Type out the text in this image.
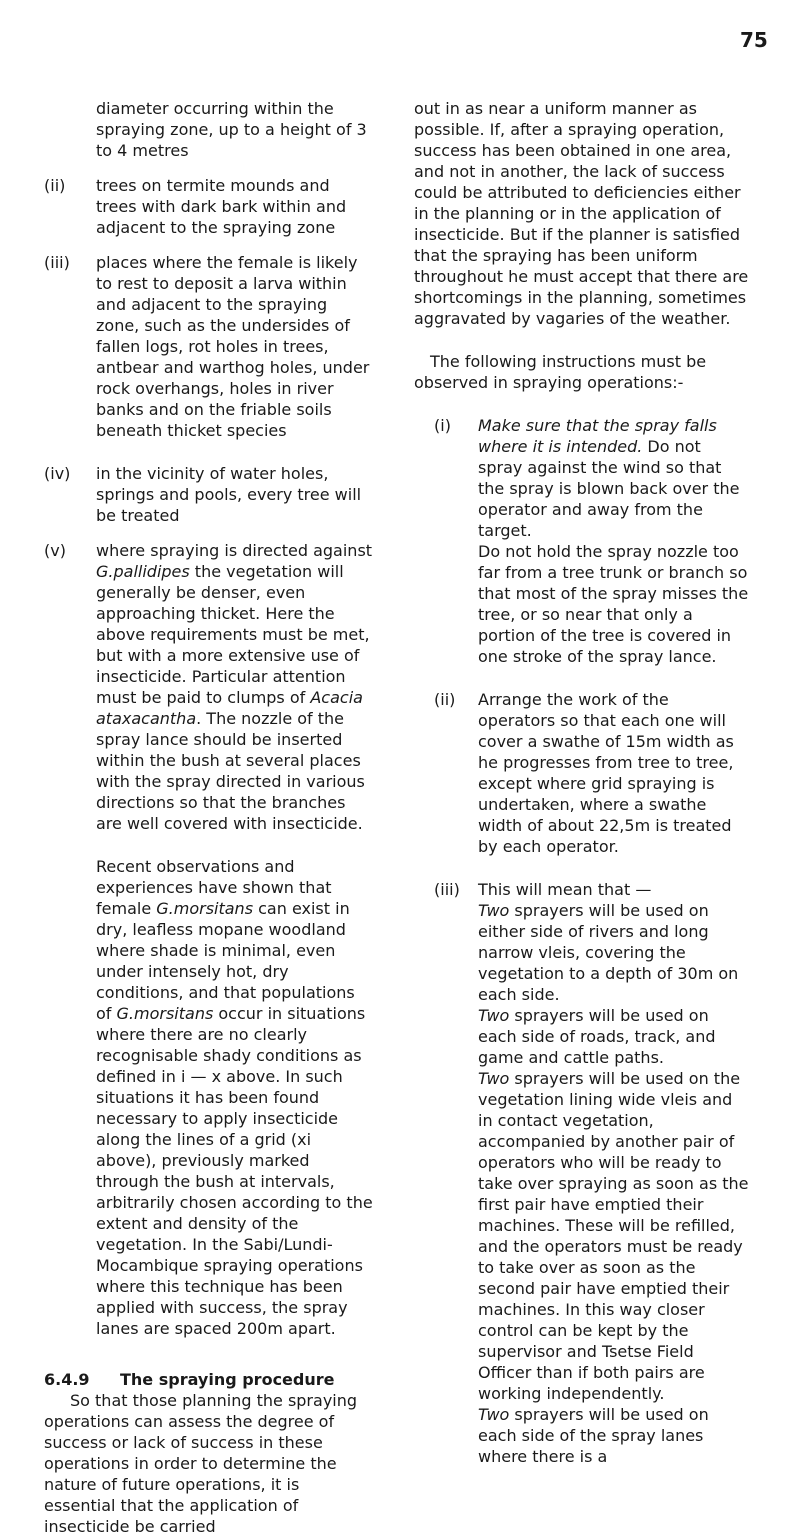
75
diameter occurring within the spraying zone, up to a height of 3 to 4 metres
(ii)	trees on termite mounds and trees with dark bark within and adjacent to the spraying zone
(iii)	places where the female is likely to rest to deposit a larva within and adjacent to the spraying zone, such as the undersides of fallen logs, rot holes in trees, antbear and warthog holes, under rock overhangs, holes in river banks and on the friable soils beneath thicket species
(iv)	in the vicinity of water holes, springs and pools, every tree will be treated
(v)	where spraying is directed against G.pallidipes the vegetation will generally be denser, even approaching thicket. Here the above requirements must be met, but with a more extensive use of insecticide. Particular attention must be paid to clumps of Acacia ataxacantha. The nozzle of the spray lance should be inserted within the bush at several places with the spray directed in various directions so that the branches are well covered with insecticide.
Recent observations and experiences have shown that female G.morsitans can exist in dry, leafless mopane woodland where shade is minimal, even under intensely hot, dry conditions, and that populations of G.morsitans occur in situations where there are no clearly recognisable shady conditions as defined in i — x above. In such situations it has been found necessary to apply insecticide along the lines of a grid (xi above), previously marked through the bush at intervals, arbitrarily chosen according to the extent and density of the vegetation. In the Sabi/Lundi-Mocambique spraying operations where this technique has been applied with success, the spray lanes are spaced 200m apart.
6.4.9	The spraying procedure
So that those planning the spraying operations can assess the degree of success or lack of success in these operations in order to determine the nature of future operations, it is essential that the application of insecticide be carried
out in as near a uniform manner as possible. If, after a spraying operation, success has been obtained in one area, and not in another, the lack of success could be attributed to deficiencies either in the planning or in the application of insecticide. But if the planner is satisfied that the spraying has been uniform throughout he must accept that there are shortcomings in the planning, sometimes aggravated by vagaries of the weather.
The following instructions must be observed in spraying operations:-
(i)	Make sure that the spray falls where it is intended. Do not spray against the wind so that the spray is blown back over the operator and away from the target.
Do not hold the spray nozzle too far from a tree trunk or branch so that most of the spray misses the tree, or so near that only a portion of the tree is covered in one stroke of the spray lance.
(ii)	Arrange the work of the operators so that each one will cover a swathe of 15m width as he progresses from tree to tree, except where grid spraying is undertaken, where a swathe width of about 22,5m is treated by each operator.
(iii)	This will mean that —
Two sprayers will be used on either side of rivers and long narrow vleis, covering the vegetation to a depth of 30m on each side.
Two sprayers will be used on each side of roads, track, and game and cattle paths.
Two sprayers will be used on the vegetation lining wide vleis and in contact vegetation, accompanied by another pair of operators who will be ready to take over spraying as soon as the first pair have emptied their machines. These will be refilled, and the operators must be ready to take over as soon as the second pair have emptied their machines. In this way closer control can be kept by the supervisor and Tsetse Field Officer than if both pairs are working independently.
Two sprayers will be used on each side of the spray lanes where there is a
